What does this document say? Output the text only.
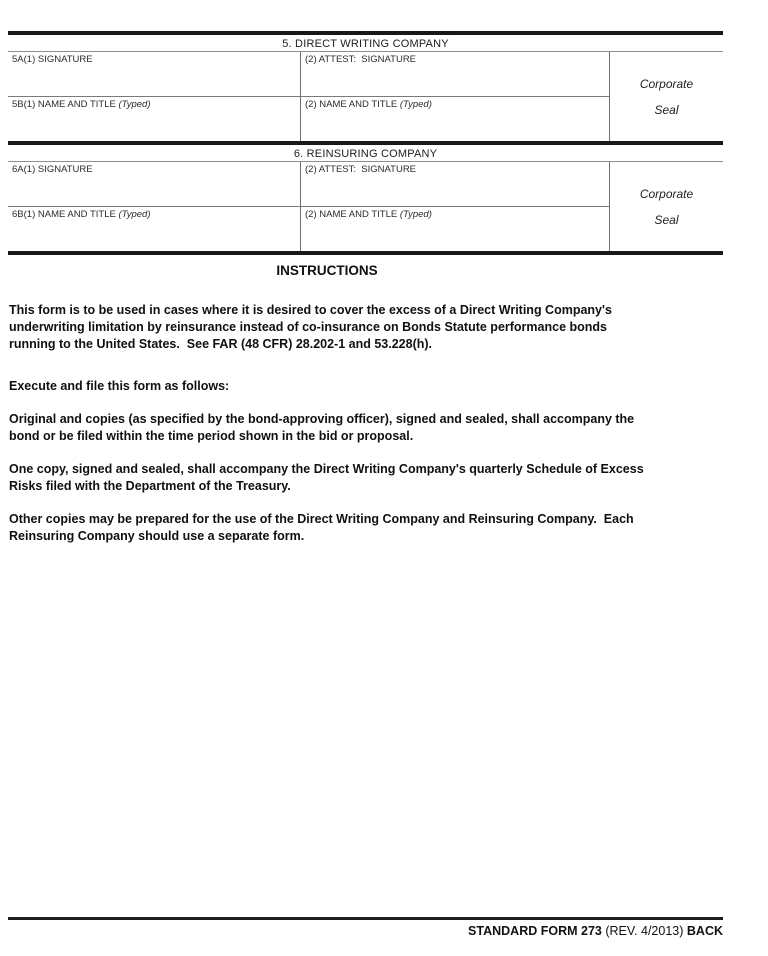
5. DIRECT WRITING COMPANY
5A(1) SIGNATURE	(2) ATTEST:  SIGNATURE
Corporate
Seal
5B(1) NAME AND TITLE (Typed)	(2) NAME AND TITLE (Typed)
6. REINSURING COMPANY
6A(1) SIGNATURE	(2) ATTEST:  SIGNATURE
Corporate
Seal
6B(1) NAME AND TITLE (Typed)	(2) NAME AND TITLE (Typed)
INSTRUCTIONS

This form is to be used in cases where it is desired to cover the excess of a Direct Writing Company's
underwriting limitation by reinsurance instead of co-insurance on Bonds Statute performance bonds
running to the United States.  See FAR (48 CFR) 28.202-1 and 53.228(h).

Execute and file this form as follows:

Original and copies (as specified by the bond-approving officer), signed and sealed, shall accompany the
bond or be filed within the time period shown in the bid or proposal.

One copy, signed and sealed, shall accompany the Direct Writing Company's quarterly Schedule of Excess
Risks filed with the Department of the Treasury.

Other copies may be prepared for the use of the Direct Writing Company and Reinsuring Company.  Each
Reinsuring Company should use a separate form.

STANDARD FORM 273 (REV. 4/2013) BACK
